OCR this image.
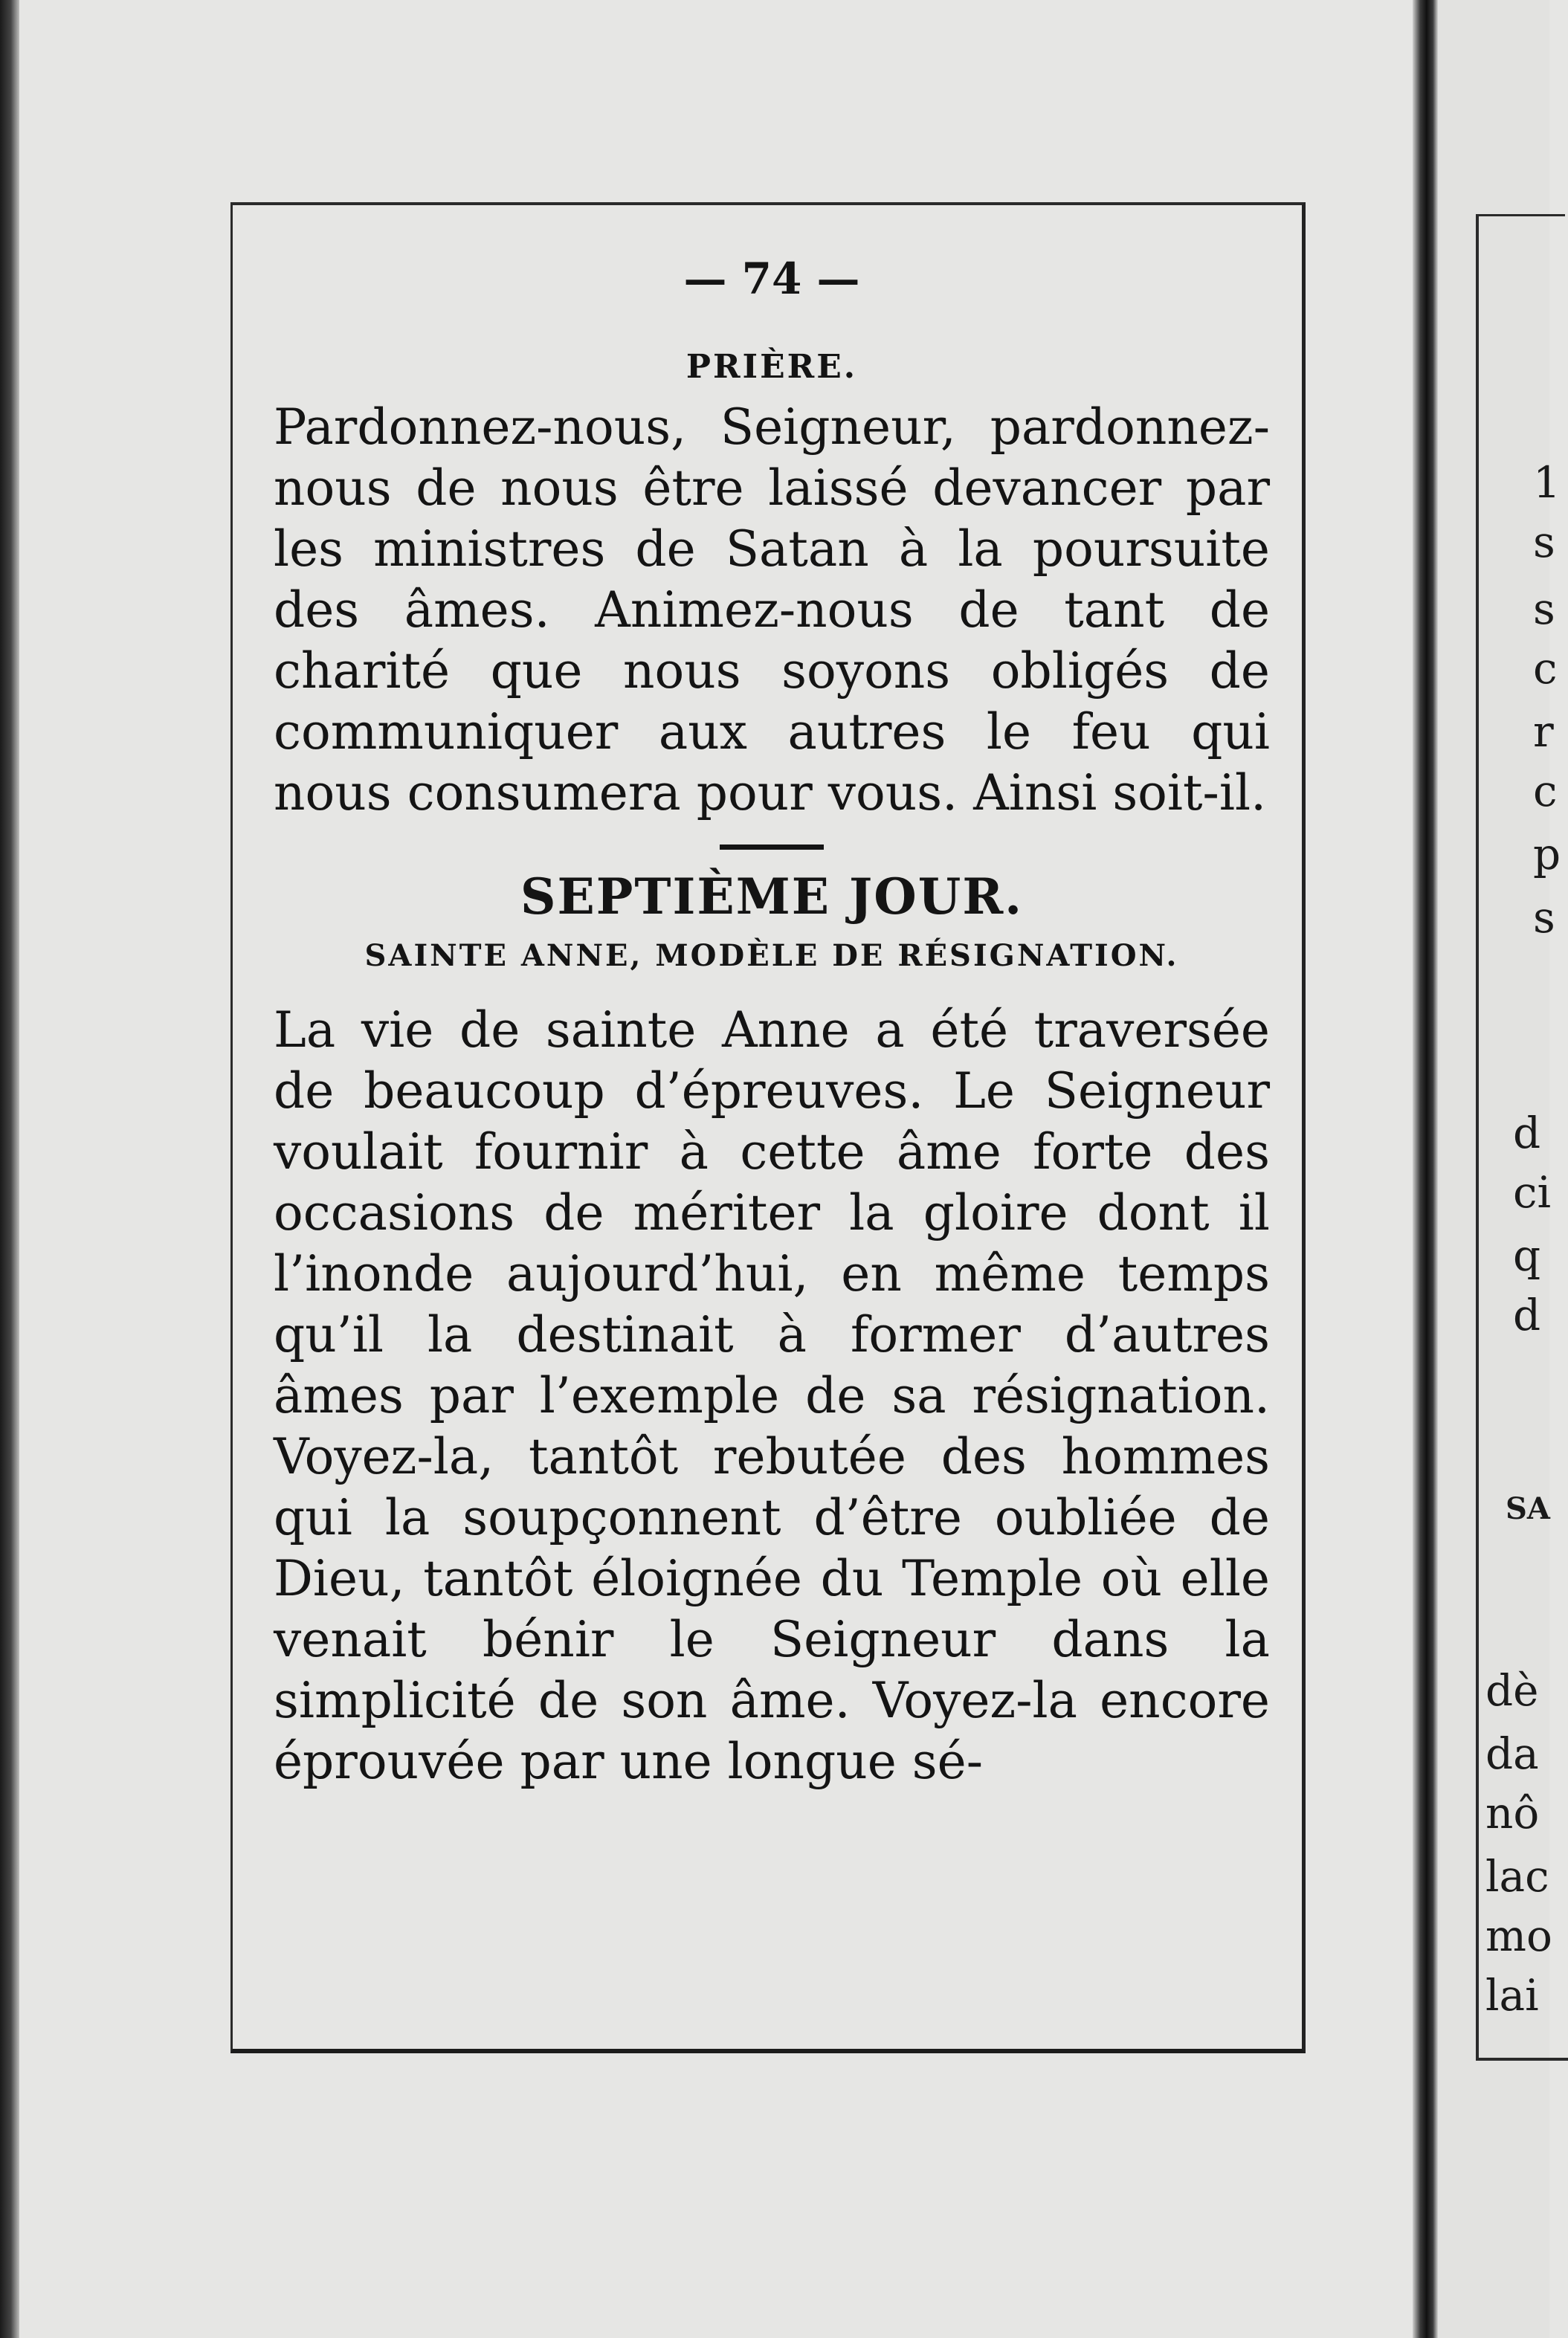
— 74 —
PRIÈRE.

Pardonnez-nous, Seigneur, pardonnez-nous de nous être laissé devancer par les ministres de Satan à la poursuite des âmes. Animez-nous de tant de charité que nous soyons obligés de communiquer aux autres le feu qui nous consumera pour vous. Ainsi soit-il.

SEPTIÈME JOUR.
SAINTE ANNE, MODÈLE DE RÉSIGNATION.

La vie de sainte Anne a été traversée de beaucoup d’épreuves. Le Seigneur voulait fournir à cette âme forte des occasions de mériter la gloire dont il l’inonde aujourd’hui, en même temps qu’il la destinait à former d’autres âmes par l’exemple de sa résignation. Voyez-la, tantôt rebutée des hommes qui la soupçonnent d’être oubliée de Dieu, tantôt éloignée du Temple où elle venait bénir le Seigneur dans la simplicité de son âme. Voyez-la encore éprouvée par une longue sé-

1
s
s
c
r
c
p
s
d
ci
q
d
SA
dè
da
nô
lac
mo
lai
